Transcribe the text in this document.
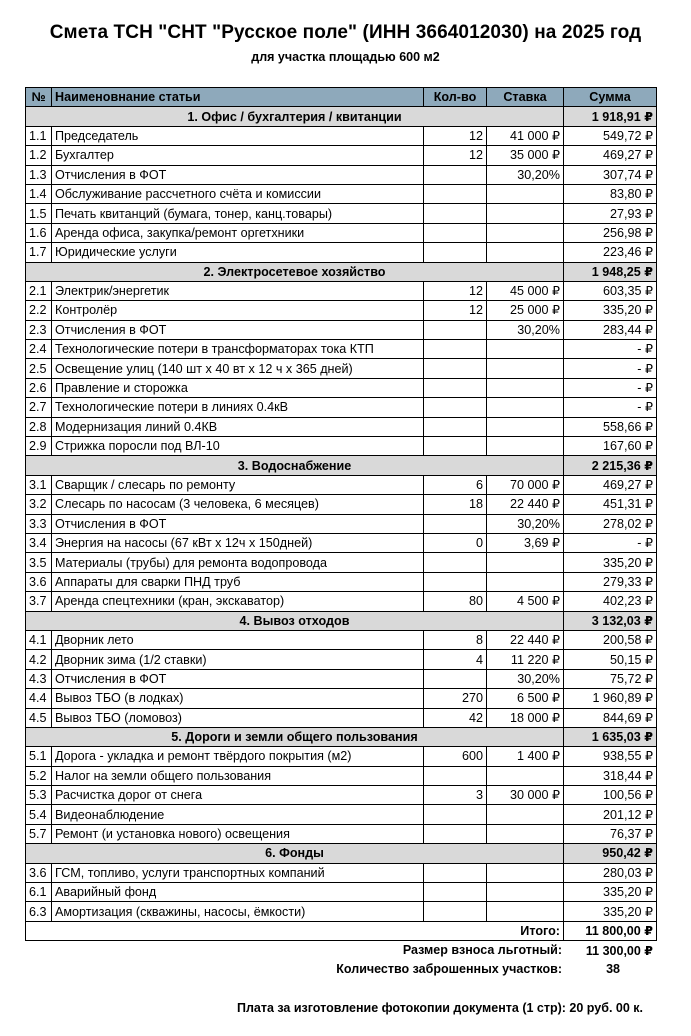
Смета ТСН "СНТ "Русское поле" (ИНН 3664012030) на 2025 год
для участка площадью 600 м2
№	Наименовнание статьи	Кол-во	Ставка	Сумма
1. Офис / бухгалтерия / квитанции				1 918,91 ₽
1.1	Председатель	12	41 000 ₽	549,72 ₽
1.2	Бухгалтер	12	35 000 ₽	469,27 ₽
1.3	Отчисления в ФОТ		30,20%	307,74 ₽
1.4	Обслуживание рассчетного счёта и комиссии			83,80 ₽
1.5	Печать квитанций (бумага, тонер, канц.товары)			27,93 ₽
1.6	Аренда офиса, закупка/ремонт оргетхники			256,98 ₽
1.7	Юридические услуги			223,46 ₽
2. Электросетевое хозяйство				1 948,25 ₽
2.1	Электрик/энергетик	12	45 000 ₽	603,35 ₽
2.2	Контролёр	12	25 000 ₽	335,20 ₽
2.3	Отчисления в ФОТ		30,20%	283,44 ₽
2.4	Технологические потери в трансформаторах тока КТП			- ₽
2.5	Освещение улиц (140 шт х 40 вт х 12 ч х 365 дней)			- ₽
2.6	Правление и сторожка			- ₽
2.7	Технологические потери в линиях 0.4кВ			- ₽
2.8	Модернизация линий 0.4КВ			558,66 ₽
2.9	Стрижка поросли под ВЛ-10			167,60 ₽
3. Водоснабжение				2 215,36 ₽
3.1	Сварщик / слесарь по ремонту	6	70 000 ₽	469,27 ₽
3.2	Слесарь по насосам (3 человека, 6 месяцев)	18	22 440 ₽	451,31 ₽
3.3	Отчисления в ФОТ		30,20%	278,02 ₽
3.4	Энергия на насосы (67 кВт х 12ч х 150дней)	0	3,69 ₽	- ₽
3.5	Материалы (трубы) для ремонта водопровода			335,20 ₽
3.6	Аппараты для сварки ПНД труб			279,33 ₽
3.7	Аренда спецтехники (кран, экскаватор)	80	4 500 ₽	402,23 ₽
4. Вывоз отходов				3 132,03 ₽
4.1	Дворник лето	8	22 440 ₽	200,58 ₽
4.2	Дворник зима (1/2 ставки)	4	11 220 ₽	50,15 ₽
4.3	Отчисления в ФОТ		30,20%	75,72 ₽
4.4	Вывоз ТБО (в лодках)	270	6 500 ₽	1 960,89 ₽
4.5	Вывоз ТБО (ломовоз)	42	18 000 ₽	844,69 ₽
5. Дороги и земли общего пользования				1 635,03 ₽
5.1	Дорога - укладка и ремонт твёрдого покрытия (м2)	600	1 400 ₽	938,55 ₽
5.2	Налог на земли общего пользования			318,44 ₽
5.3	Расчистка дорог от снега	3	30 000 ₽	100,56 ₽
5.4	Видеонаблюдение			201,12 ₽
5.7	Ремонт (и установка нового) освещения			76,37 ₽
6. Фонды				950,42 ₽
3.6	ГСМ, топливо, услуги транспортных компаний			280,03 ₽
6.1	Аварийный фонд			335,20 ₽
6.3	Амортизация (скважины, насосы, ёмкости)			335,20 ₽
Итого:				11 800,00 ₽
Размер взноса льготный:	11 300,00 ₽
Количество заброшенных участков:	38
Плата за изготовление фотокопии документа (1 стр): 20 руб. 00 к.
